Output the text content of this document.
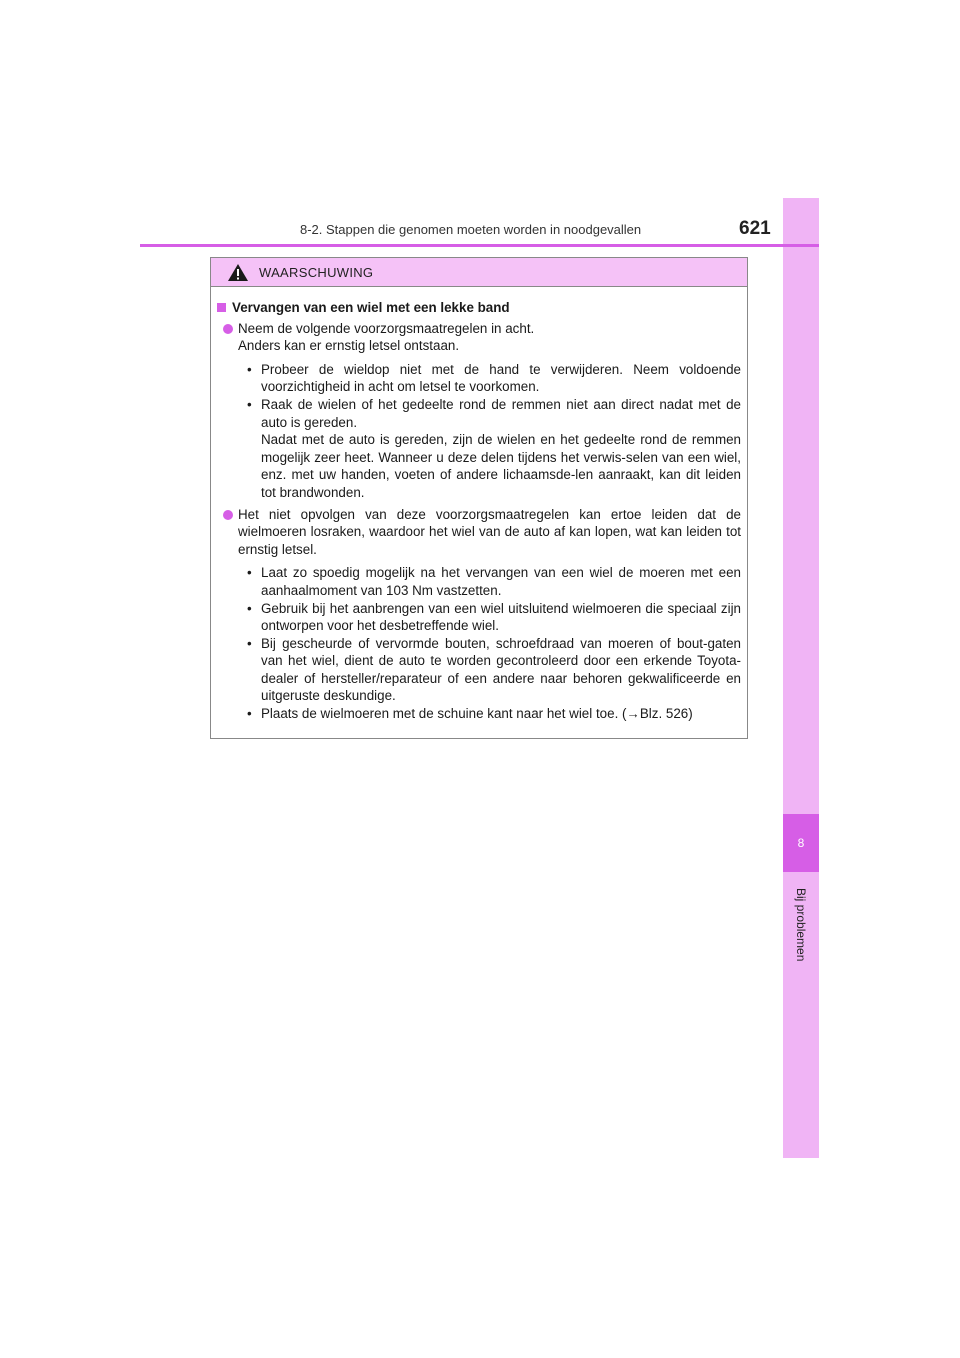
8
Bij problemen
8-2. Stappen die genomen moeten worden in noodgevallen	621
WAARSCHUWING
Vervangen van een wiel met een lekke band
Neem de volgende voorzorgsmaatregelen in acht.
Anders kan er ernstig letsel ontstaan.
• Probeer de wieldop niet met de hand te verwijderen. Neem voldoende voorzichtigheid in acht om letsel te voorkomen.
• Raak de wielen of het gedeelte rond de remmen niet aan direct nadat met de auto is gereden.
Nadat met de auto is gereden, zijn de wielen en het gedeelte rond de remmen mogelijk zeer heet. Wanneer u deze delen tijdens het verwis-selen van een wiel, enz. met uw handen, voeten of andere lichaamsde-len aanraakt, kan dit leiden tot brandwonden.
Het niet opvolgen van deze voorzorgsmaatregelen kan ertoe leiden dat de wielmoeren losraken, waardoor het wiel van de auto af kan lopen, wat kan leiden tot ernstig letsel.
• Laat zo spoedig mogelijk na het vervangen van een wiel de moeren met een aanhaalmoment van 103 Nm vastzetten.
• Gebruik bij het aanbrengen van een wiel uitsluitend wielmoeren die speciaal zijn ontworpen voor het desbetreffende wiel.
• Bij gescheurde of vervormde bouten, schroefdraad van moeren of bout-gaten van het wiel, dient de auto te worden gecontroleerd door een erkende Toyota-dealer of hersteller/reparateur of een andere naar behoren gekwalificeerde en uitgeruste deskundige.
• Plaats de wielmoeren met de schuine kant naar het wiel toe. (→Blz. 526)
